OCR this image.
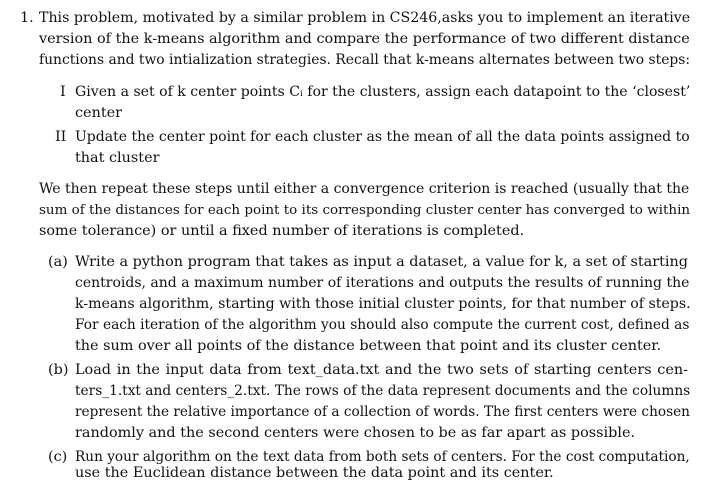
1. This problem, motivated by a similar problem in CS246,asks you to implement an iterative
version of the k-means algorithm and compare the performance of two different distance
functions and two intialization strategies. Recall that k-means alternates between two steps:
I Given a set of k center points Cᵢ for the clusters, assign each datapoint to the ‘closest’
center
II Update the center point for each cluster as the mean of all the data points assigned to
that cluster
We then repeat these steps until either a convergence criterion is reached (usually that the
sum of the distances for each point to its corresponding cluster center has converged to within
some tolerance) or until a fixed number of iterations is completed.
(a) Write a python program that takes as input a dataset, a value for k, a set of starting
centroids, and a maximum number of iterations and outputs the results of running the
k-means algorithm, starting with those initial cluster points, for that number of steps.
For each iteration of the algorithm you should also compute the current cost, defined as
the sum over all points of the distance between that point and its cluster center.
(b) Load in the input data from text_data.txt and the two sets of starting centers cen-
ters_1.txt and centers_2.txt. The rows of the data represent documents and the columns
represent the relative importance of a collection of words. The first centers were chosen
randomly and the second centers were chosen to be as far apart as possible.
(c) Run your algorithm on the text data from both sets of centers. For the cost computation,
use the Euclidean distance between the data point and its center.
